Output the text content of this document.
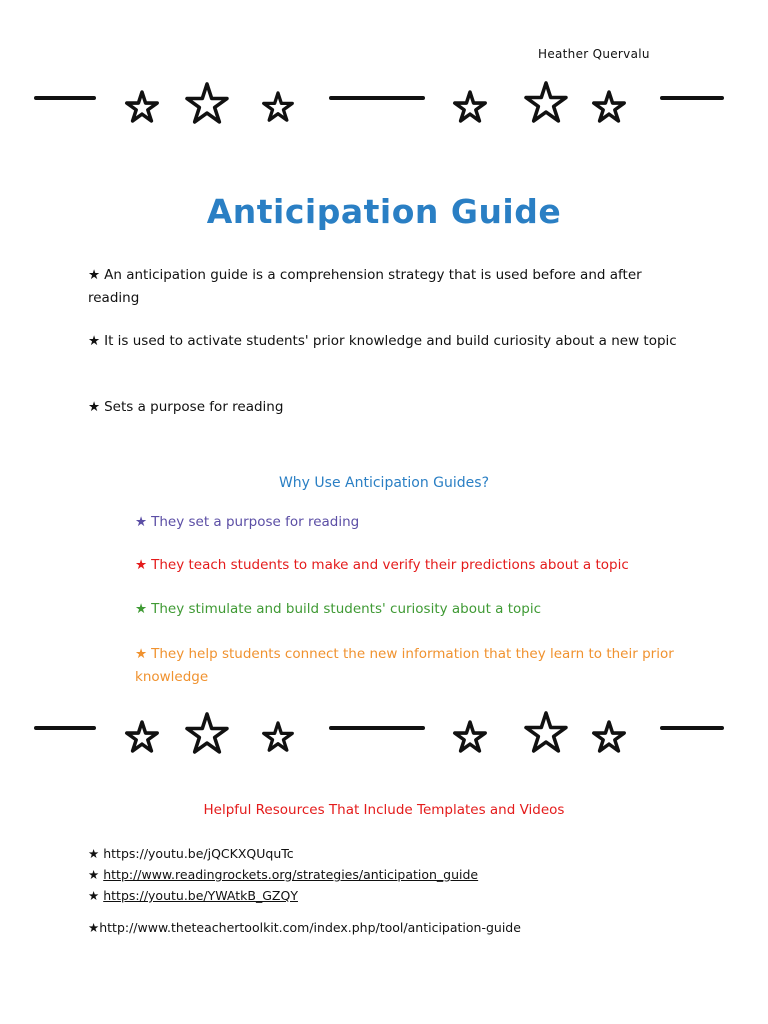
Heather Quervalu
Anticipation Guide
★ An anticipation guide is a comprehension strategy that is used before and after reading
★ It is used to activate students' prior knowledge and build curiosity about a new topic
★ Sets a purpose for reading
Why Use Anticipation Guides?
★ They set a purpose for reading
★ They teach students to make and verify their predictions about a topic
★ They stimulate and build students' curiosity about a topic
★ They help students connect the new information that they learn to their prior knowledge
Helpful Resources That Include Templates and Videos
★ https://youtu.be/jQCKXQUquTc
★ http://www.readingrockets.org/strategies/anticipation_guide
★ https://youtu.be/YWAtkB_GZQY
★http://www.theteachertoolkit.com/index.php/tool/anticipation-guide
